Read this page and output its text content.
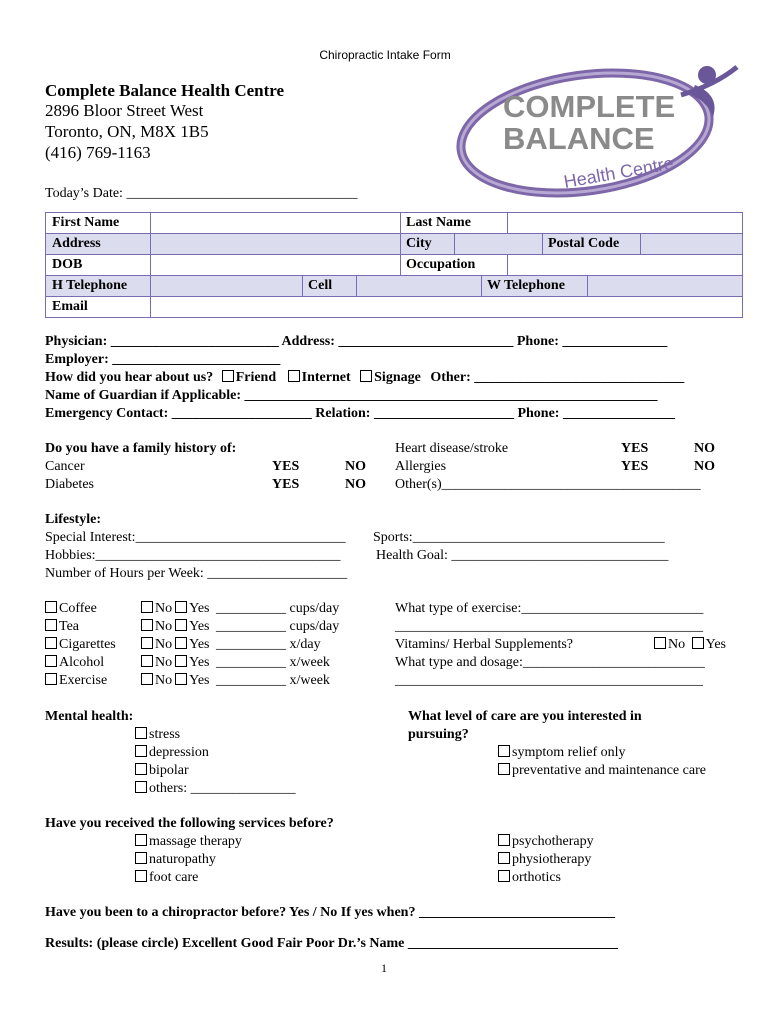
Chiropractic Intake Form
Complete Balance Health Centre
2896 Bloor Street West
Toronto, ON, M8X 1B5
(416) 769-1163
COMPLETE
BALANCE
Health Centre
Today’s Date: _________________________________
First Name	Last Name
Address	City	Postal Code
DOB	Occupation
H Telephone	Cell	W Telephone
Email
Physician: ________________________ Address: _________________________ Phone: _______________
Employer: ________________________
How did you hear about us? Friend Internet Signage Other: ______________________________
Name of Guardian if Applicable: ___________________________________________________________
Emergency Contact: ____________________ Relation: ____________________ Phone: ________________
Do you have a family history of:
Cancer	YES	NO
Diabetes	YES	NO
Heart disease/stroke	YES	NO
Allergies	YES	NO
Other(s)_____________________________________
Lifestyle:
Special Interest:______________________________ Sports:____________________________________
Hobbies:___________________________________	Health Goal: _______________________________
Number of Hours per Week: ____________________
Coffee	No Yes __________ cups/day
Tea	No Yes __________ cups/day
Cigarettes	No Yes __________ x/day
Alcohol	No Yes __________ x/week
Exercise	No Yes __________ x/week
What type of exercise:__________________________
____________________________________________
Vitamins/ Herbal Supplements?	No Yes
What type and dosage:__________________________
____________________________________________
Mental health:
stress
depression
bipolar
others: _______________
What level of care are you interested in
pursuing?
symptom relief only
preventative and maintenance care
Have you received the following services before?
massage therapy
naturopathy
foot care
psychotherapy
physiotherapy
orthotics
Have you been to a chiropractor before? Yes / No If yes when? ____________________________
Results: (please circle) Excellent Good Fair Poor Dr.’s Name ______________________________
1
